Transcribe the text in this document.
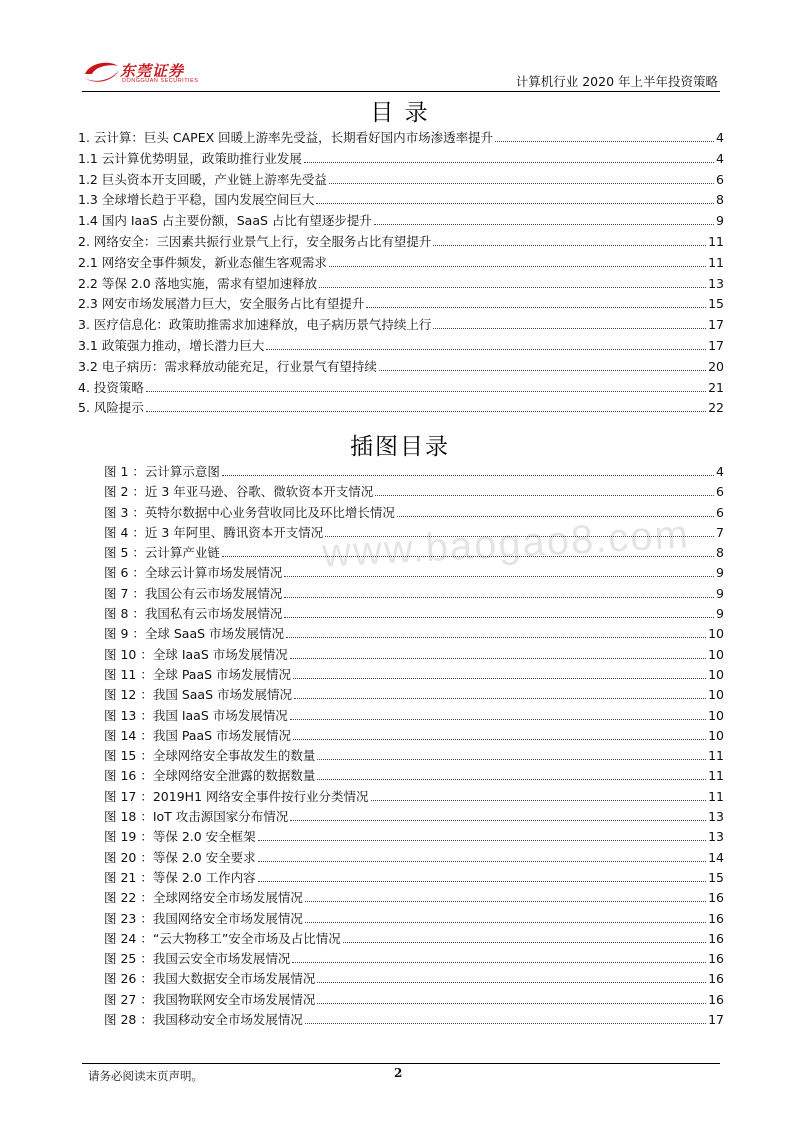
东莞证券
DONGGUAN SECURITIES	计算机行业 2020 年上半年投资策略
目 录
1. 云计算：巨头 CAPEX 回暖上游率先受益，长期看好国内市场渗透率提升	4
1.1 云计算优势明显，政策助推行业发展	4
1.2 巨头资本开支回暖，产业链上游率先受益	6
1.3 全球增长趋于平稳，国内发展空间巨大	8
1.4 国内 IaaS 占主要份额，SaaS 占比有望逐步提升	9
2. 网络安全：三因素共振行业景气上行，安全服务占比有望提升	11
2.1 网络安全事件频发，新业态催生客观需求	11
2.2 等保 2.0 落地实施，需求有望加速释放	13
2.3 网安市场发展潜力巨大，安全服务占比有望提升	15
3. 医疗信息化：政策助推需求加速释放，电子病历景气持续上行	17
3.1 政策强力推动，增长潜力巨大	17
3.2 电子病历：需求释放动能充足，行业景气有望持续	20
4. 投资策略	21
5. 风险提示	22
插图目录
图 1 ：云计算示意图	4
图 2 ：近 3 年亚马逊、谷歌、微软资本开支情况	6
图 3 ：英特尔数据中心业务营收同比及环比增长情况	6
图 4 ：近 3 年阿里、腾讯资本开支情况	7
图 5 ：云计算产业链	8
图 6 ：全球云计算市场发展情况	9
图 7 ：我国公有云市场发展情况	9
图 8 ：我国私有云市场发展情况	9
图 9 ：全球 SaaS 市场发展情况	10
图 10 ：全球 IaaS 市场发展情况	10
图 11 ：全球 PaaS 市场发展情况	10
图 12 ：我国 SaaS 市场发展情况	10
图 13 ：我国 IaaS 市场发展情况	10
图 14 ：我国 PaaS 市场发展情况	10
图 15 ：全球网络安全事故发生的数量	11
图 16 ：全球网络安全泄露的数据数量	11
图 17 ：2019H1 网络安全事件按行业分类情况	11
图 18 ：IoT 攻击源国家分布情况	13
图 19 ：等保 2.0 安全框架	13
图 20 ：等保 2.0 安全要求	14
图 21 ：等保 2.0 工作内容	15
图 22 ：全球网络安全市场发展情况	16
图 23 ：我国网络安全市场发展情况	16
图 24 ：“云大物移工”安全市场及占比情况	16
图 25 ：我国云安全市场发展情况	16
图 26 ：我国大数据安全市场发展情况	16
图 27 ：我国物联网安全市场发展情况	16
图 28 ：我国移动安全市场发展情况	17
www.baogao8.com
请务必阅读末页声明。	2
